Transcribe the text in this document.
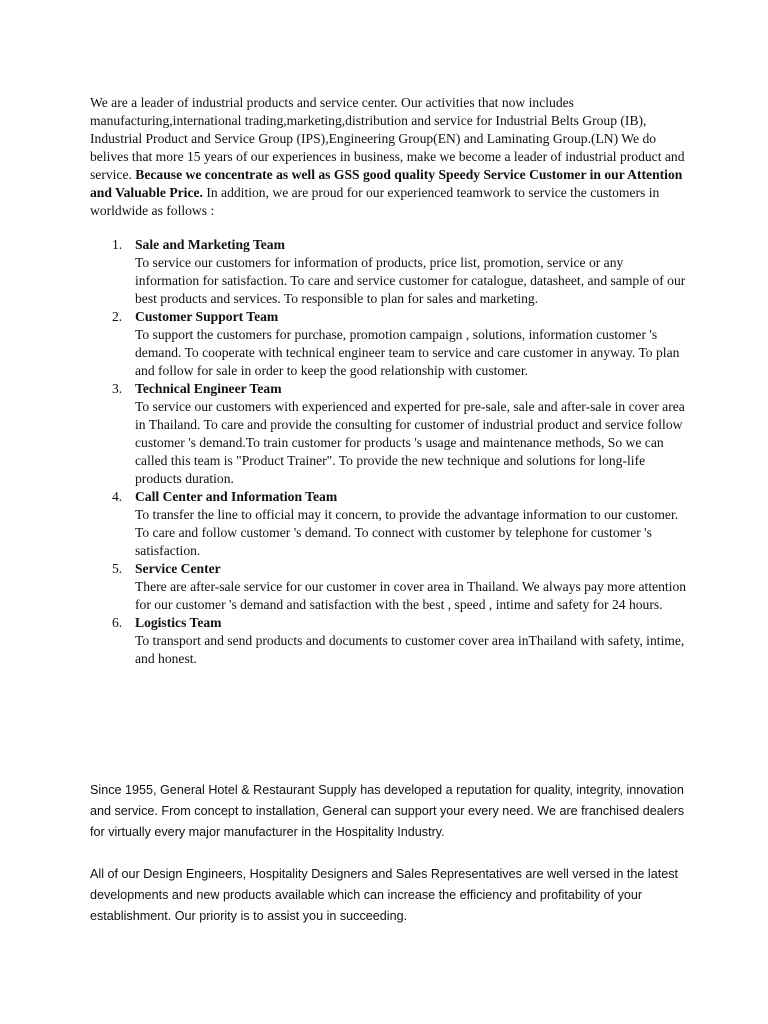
We are a leader of industrial products and service center. Our activities that now includes manufacturing,international trading,marketing,distribution and service for Industrial Belts Group (IB), Industrial Product and Service Group (IPS),Engineering Group(EN) and Laminating Group.(LN) We do belives that more 15 years of our experiences in business, make we become a leader of industrial product and service. Because we concentrate as well as GSS good quality Speedy Service Customer in our Attention and Valuable Price. In addition, we are proud for our experienced teamwork to service the customers in worldwide as follows :

1. Sale and Marketing Team
To service our customers for information of products, price list, promotion, service or any information for satisfaction. To care and service customer for catalogue, datasheet, and sample of our best products and services. To responsible to plan for sales and marketing.
2. Customer Support Team
To support the customers for purchase, promotion campaign , solutions, information customer 's demand. To cooperate with technical engineer team to service and care customer in anyway. To plan and follow for sale in order to keep the good relationship with customer.
3. Technical Engineer Team
To service our customers with experienced and experted for pre-sale, sale and after-sale in cover area in Thailand. To care and provide the consulting for customer of industrial product and service follow customer 's demand.To train customer for products 's usage and maintenance methods, So we can called this team is "Product Trainer". To provide the new technique and solutions for long-life products duration.
4. Call Center and Information Team
To transfer the line to official may it concern, to provide the advantage information to our customer. To care and follow customer 's demand. To connect with customer by telephone for customer 's satisfaction.
5. Service Center
There are after-sale service for our customer in cover area in Thailand. We always pay more attention for our customer 's demand and satisfaction with the best , speed , intime and safety for 24 hours.
6. Logistics Team
To transport and send products and documents to customer cover area inThailand with safety, intime, and honest.

Since 1955, General Hotel & Restaurant Supply has developed a reputation for quality, integrity, innovation and service. From concept to installation, General can support your every need. We are franchised dealers for virtually every major manufacturer in the Hospitality Industry.

All of our Design Engineers, Hospitality Designers and Sales Representatives are well versed in the latest developments and new products available which can increase the efficiency and profitability of your establishment. Our priority is to assist you in succeeding.
